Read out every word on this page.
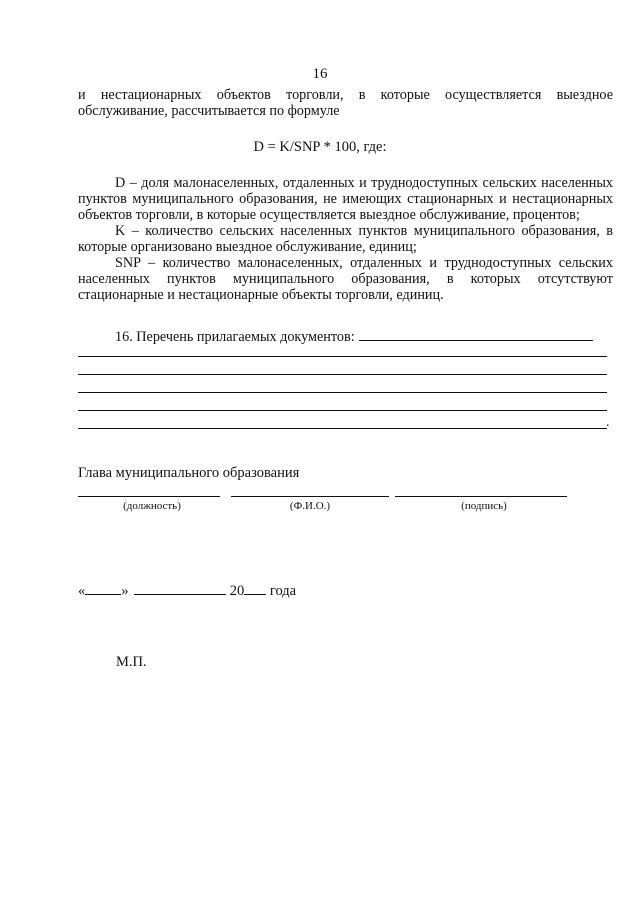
16

и нестационарных объектов торговли, в которые осуществляется выездное обслуживание, рассчитывается по формуле

D = K/SNP * 100, где:

D – доля малонаселенных, отдаленных и труднодоступных сельских населенных пунктов муниципального образования, не имеющих стационарных и нестационарных объектов торговли, в которые осуществляется выездное обслуживание, процентов;

K – количество сельских населенных пунктов муниципального образования, в которые организовано выездное обслуживание, единиц;

SNP – количество малонаселенных, отдаленных и труднодоступных сельских населенных пунктов муниципального образования, в которых отсутствуют стационарные и нестационарные объекты торговли, единиц.

16. Перечень прилагаемых документов:
.
Глава муниципального образования
(должность)	(Ф.И.О.)	(подпись)
« »	20 года
М.П.
